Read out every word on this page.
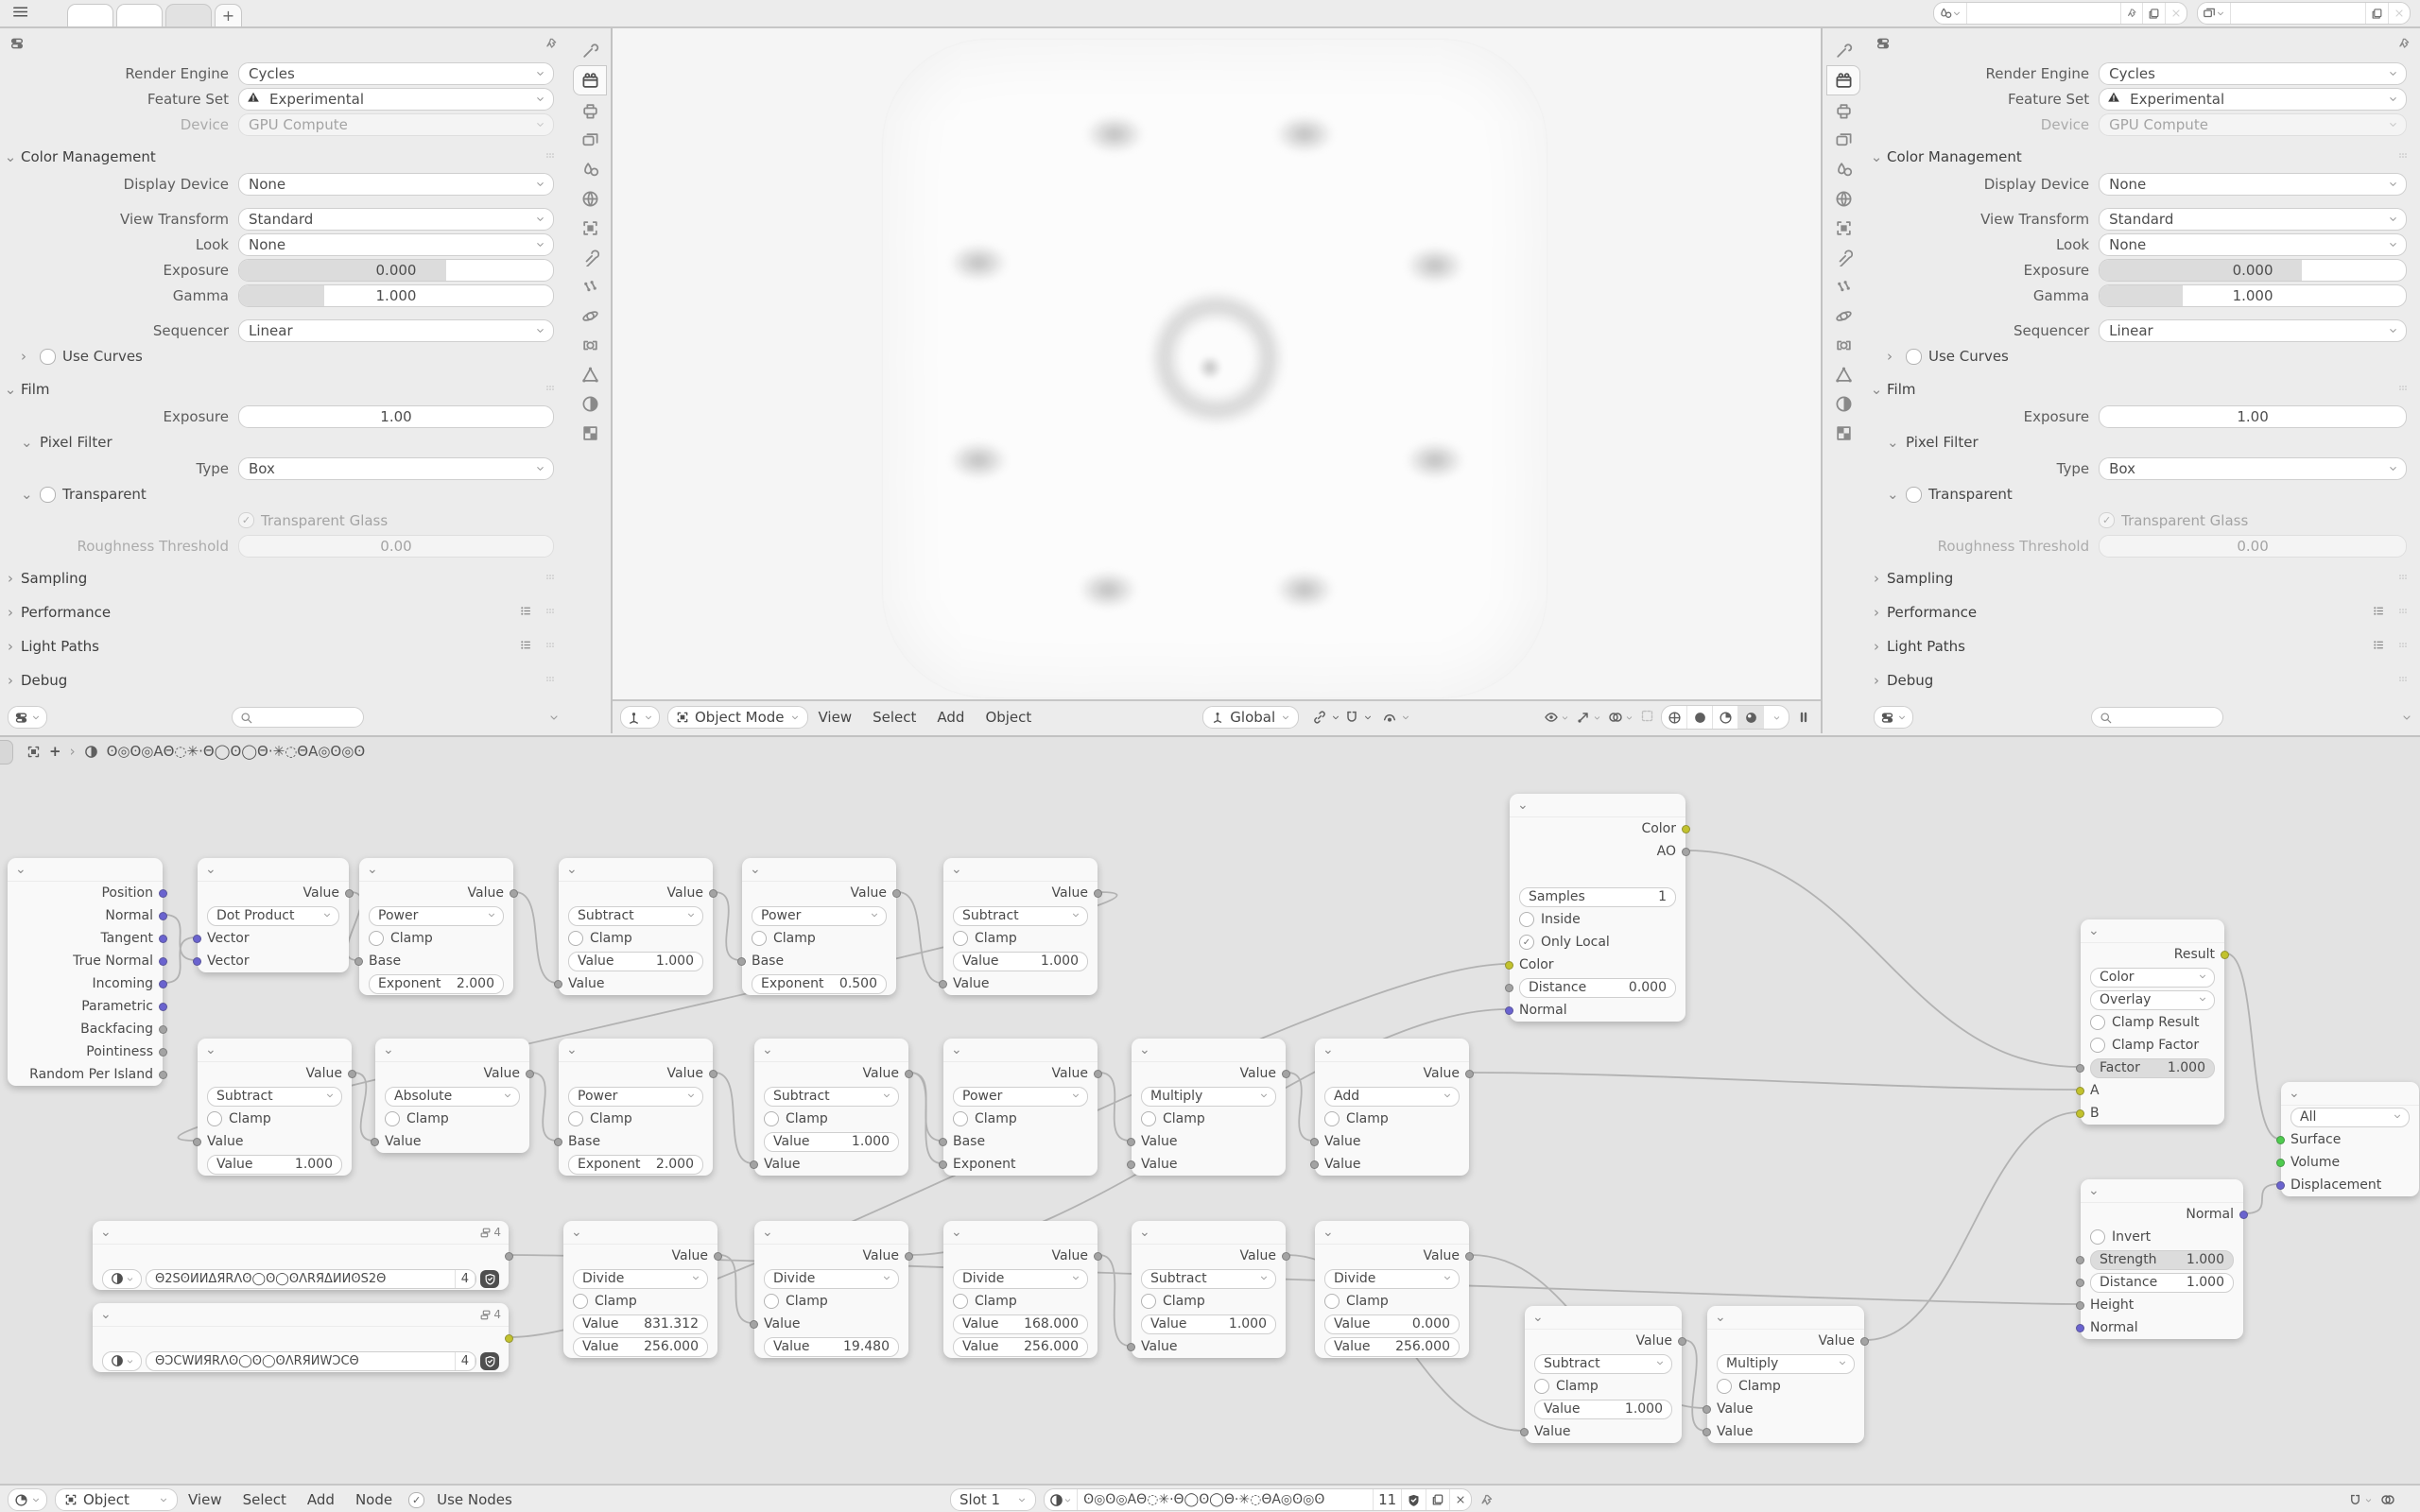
+
Render Engine	Cycles
Feature Set	Experimental
Device	GPU Compute
⌄ Color Management
Display Device	None
View Transform	Standard
Look	None
Exposure	0.000
Gamma	1.000
Sequencer	Linear
›	Use Curves
⌄ Film
Exposure	1.00
⌄ Pixel Filter
Type	Box
⌄	Transparent
✓
Transparent Glass
Roughness Threshold	0.00
› Sampling
› Performance
› Light Paths
› Debug
Object Mode	View	Select	Add	Object	Global
Render Engine	Cycles
Feature Set	Experimental
Device	GPU Compute
⌄ Color Management
Display Device	None
View Transform	Standard
Look	None
Exposure	0.000
Gamma	1.000
Sequencer	Linear
›	Use Curves
⌄ Film
Exposure	1.00
⌄ Pixel Filter
Type	Box
⌄	Transparent
✓
Transparent Glass
Roughness Threshold	0.00
› Sampling
› Performance
› Light Paths
› Debug
+ › ʘ◎ʘ◎AΘ◌✳·Θ◯ʘ◯Θ·✳◌ΘA◎ʘ◎ʘ
⌄
Position
Normal
Tangent
True Normal
Incoming
Parametric
Backfacing
Pointiness
Random Per Island
⌄
Value
Dot Product
Vector
Vector
⌄
Value
Power
Clamp
Base
Exponent	2.000
⌄
Value
Subtract
Clamp
Value	1.000
Value
⌄
Value
Power
Clamp
Base
Exponent	0.500
⌄
Value
Subtract
Clamp
Value	1.000
Value
⌄
Value
Subtract
Clamp
Value
Value	1.000
⌄
Value
Absolute
Clamp
Value
⌄
Value
Power
Clamp
Base
Exponent	2.000
⌄
Value
Subtract
Clamp
Value	1.000
Value
⌄
Value
Power
Clamp
Base
Exponent
⌄
Value
Multiply
Clamp
Value
Value
⌄
Value
Add
Clamp
Value
Value
⌄	4
Θ2SʘИИΔЯRΛʘ◯ʘ◯ʘΛRЯΔИИʘS2Θ	4
⌄	4
ΘƆCWИЯRΛʘ◯ʘ◯ʘΛRЯИWƆCΘ	4
⌄
Value
Divide
Clamp
Value	831.312
Value	256.000
⌄
Value
Divide
Clamp
Value
Value	19.480
⌄
Value
Divide
Clamp
Value	168.000
Value	256.000
⌄
Value
Subtract
Clamp
Value	1.000
Value
⌄
Value
Divide
Clamp
Value	0.000
Value	256.000
⌄
Value
Subtract
Clamp
Value	1.000
Value
⌄
Value
Multiply
Clamp
Value
Value
⌄
Color
AO
Samples	1
Inside
✓
Only Local
Color
Distance	0.000
Normal
⌄
Result
Color
Overlay
Clamp Result
Clamp Factor
Factor	1.000
A
B
⌄
All
Surface
Volume
Displacement
⌄
Normal
Invert
Strength	1.000
Distance	1.000
Height
Normal
Object	View	Select	Add	Node ✓	Use Nodes	Slot 1	ʘ◎ʘ◎AΘ◌✳·Θ◯ʘ◯Θ·✳◌ΘA◎ʘ◎ʘ	11
